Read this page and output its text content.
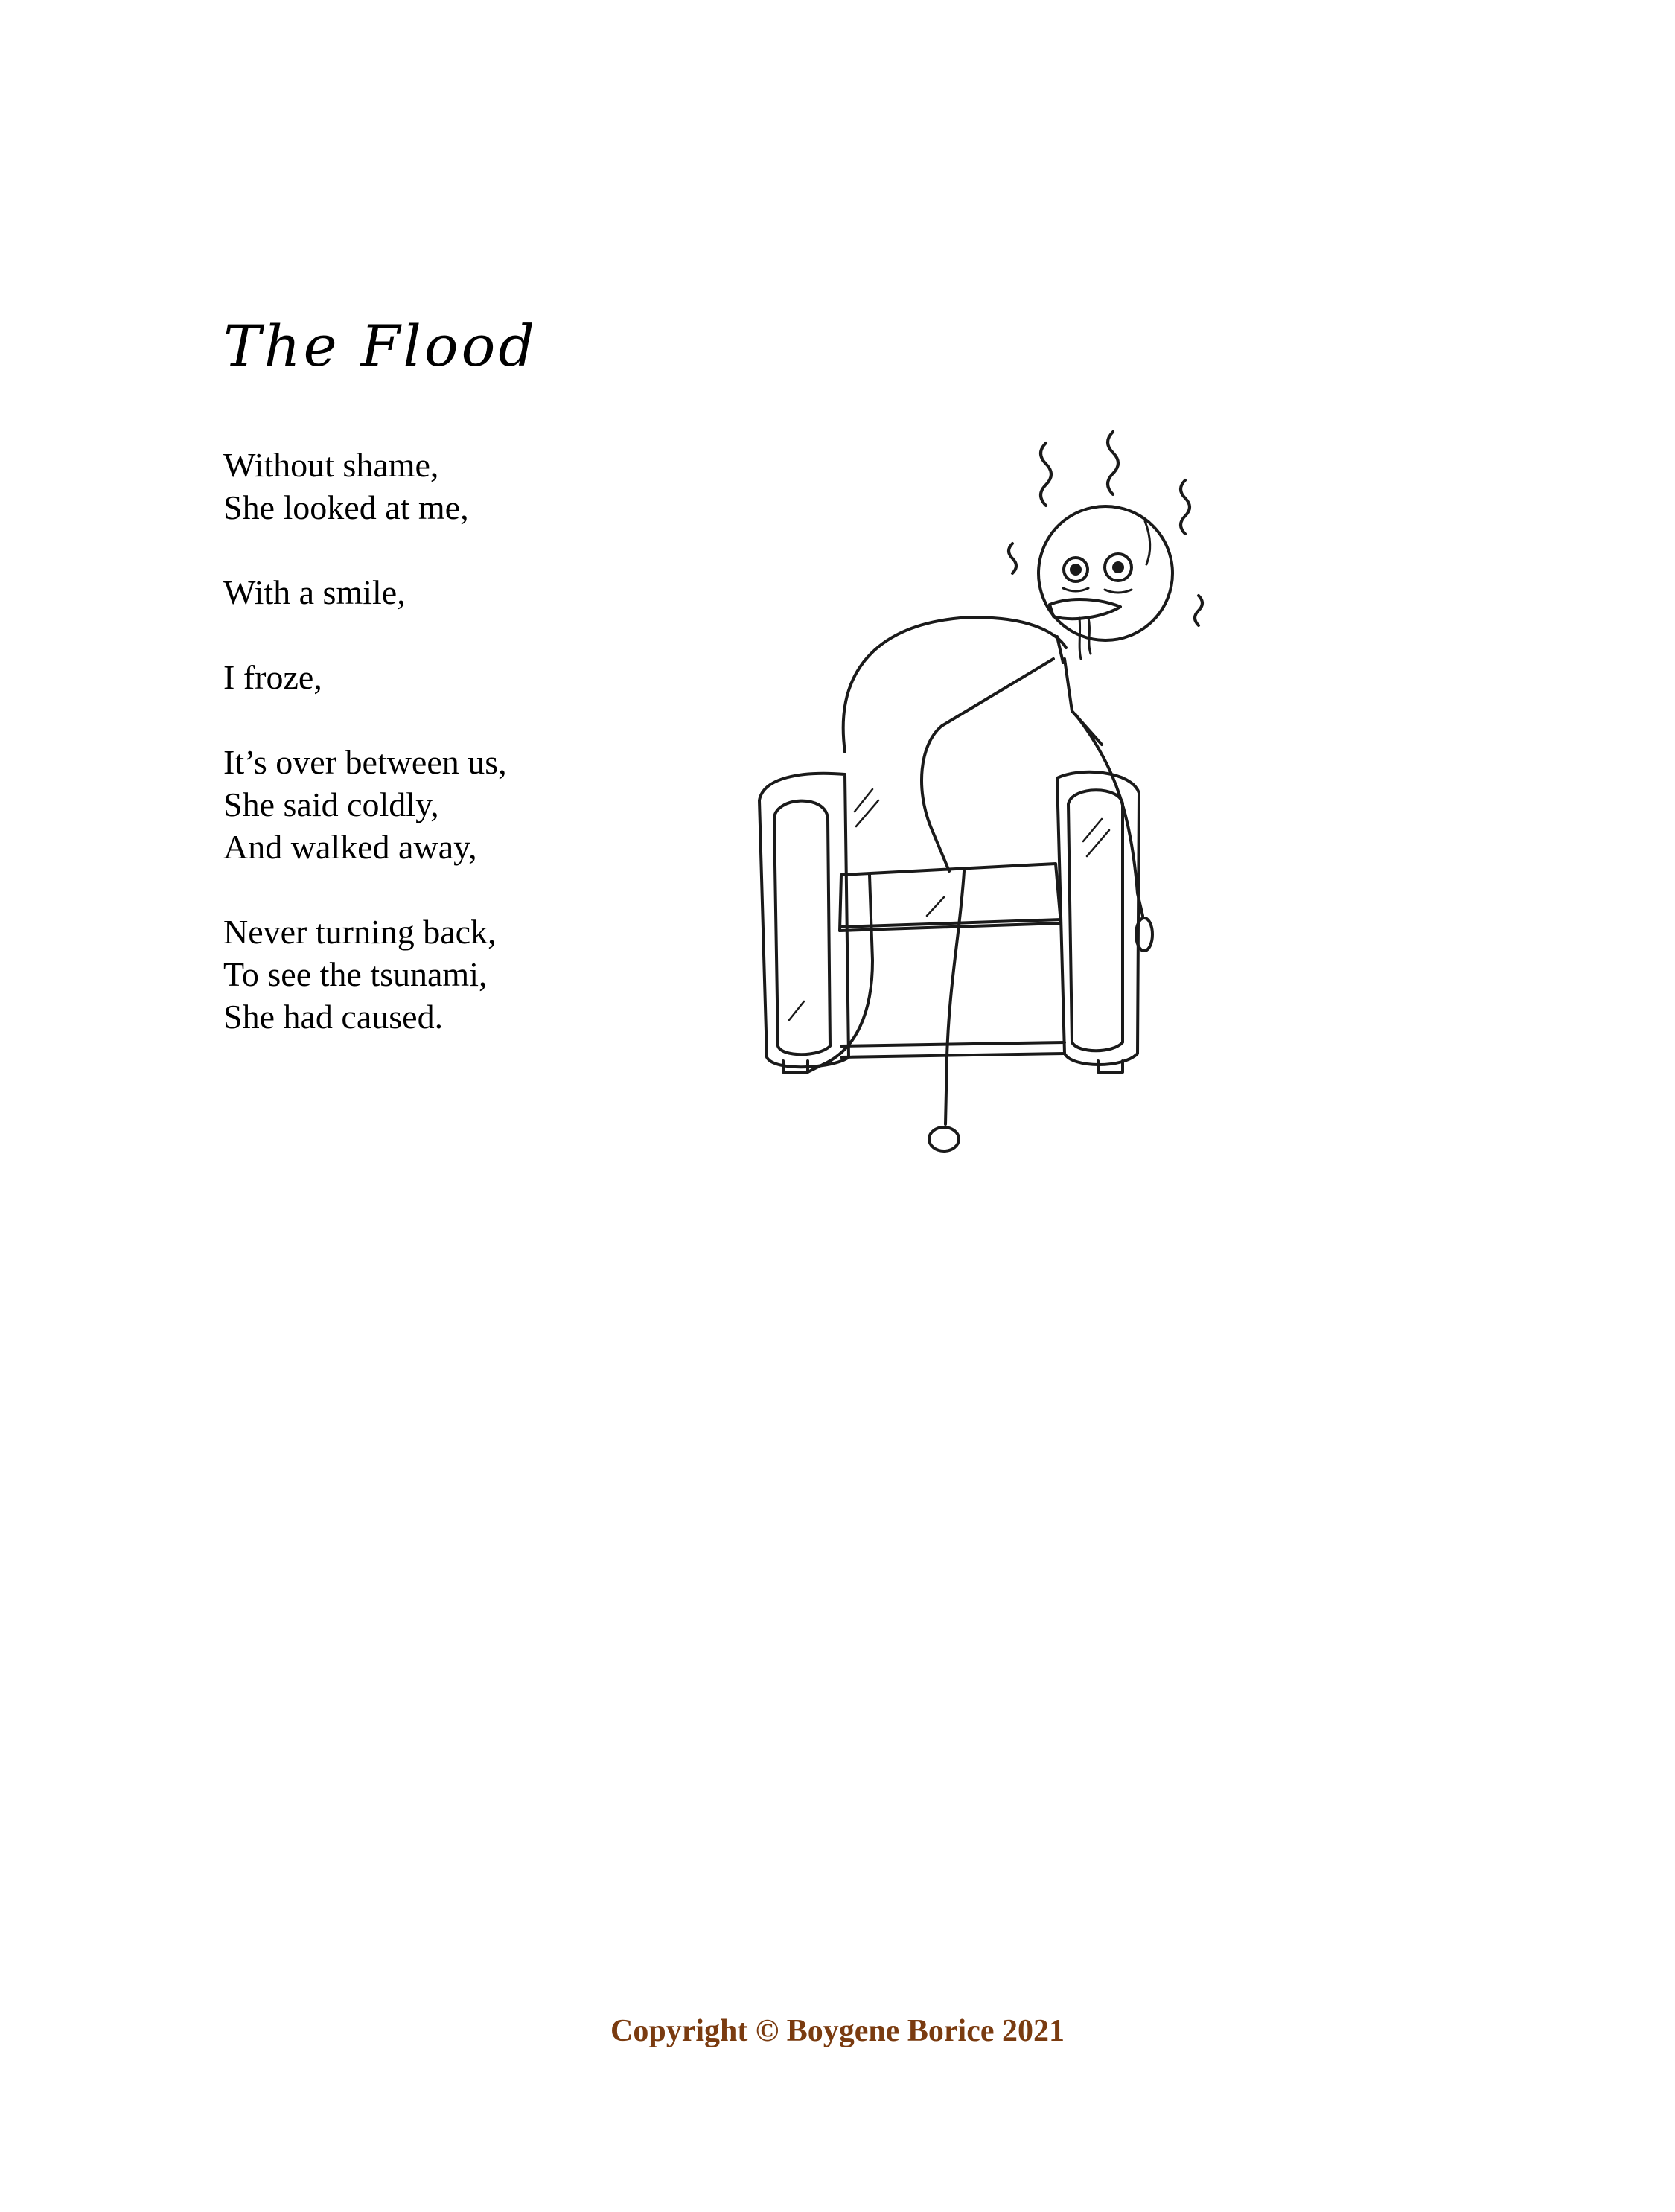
The Flood
Without shame,
She looked at me,
With a smile,
I froze,
It’s over between us,
She said coldly,
And walked away,
Never turning back,
To see the tsunami,
She had caused.
Copyright © Boygene Borice 2021
